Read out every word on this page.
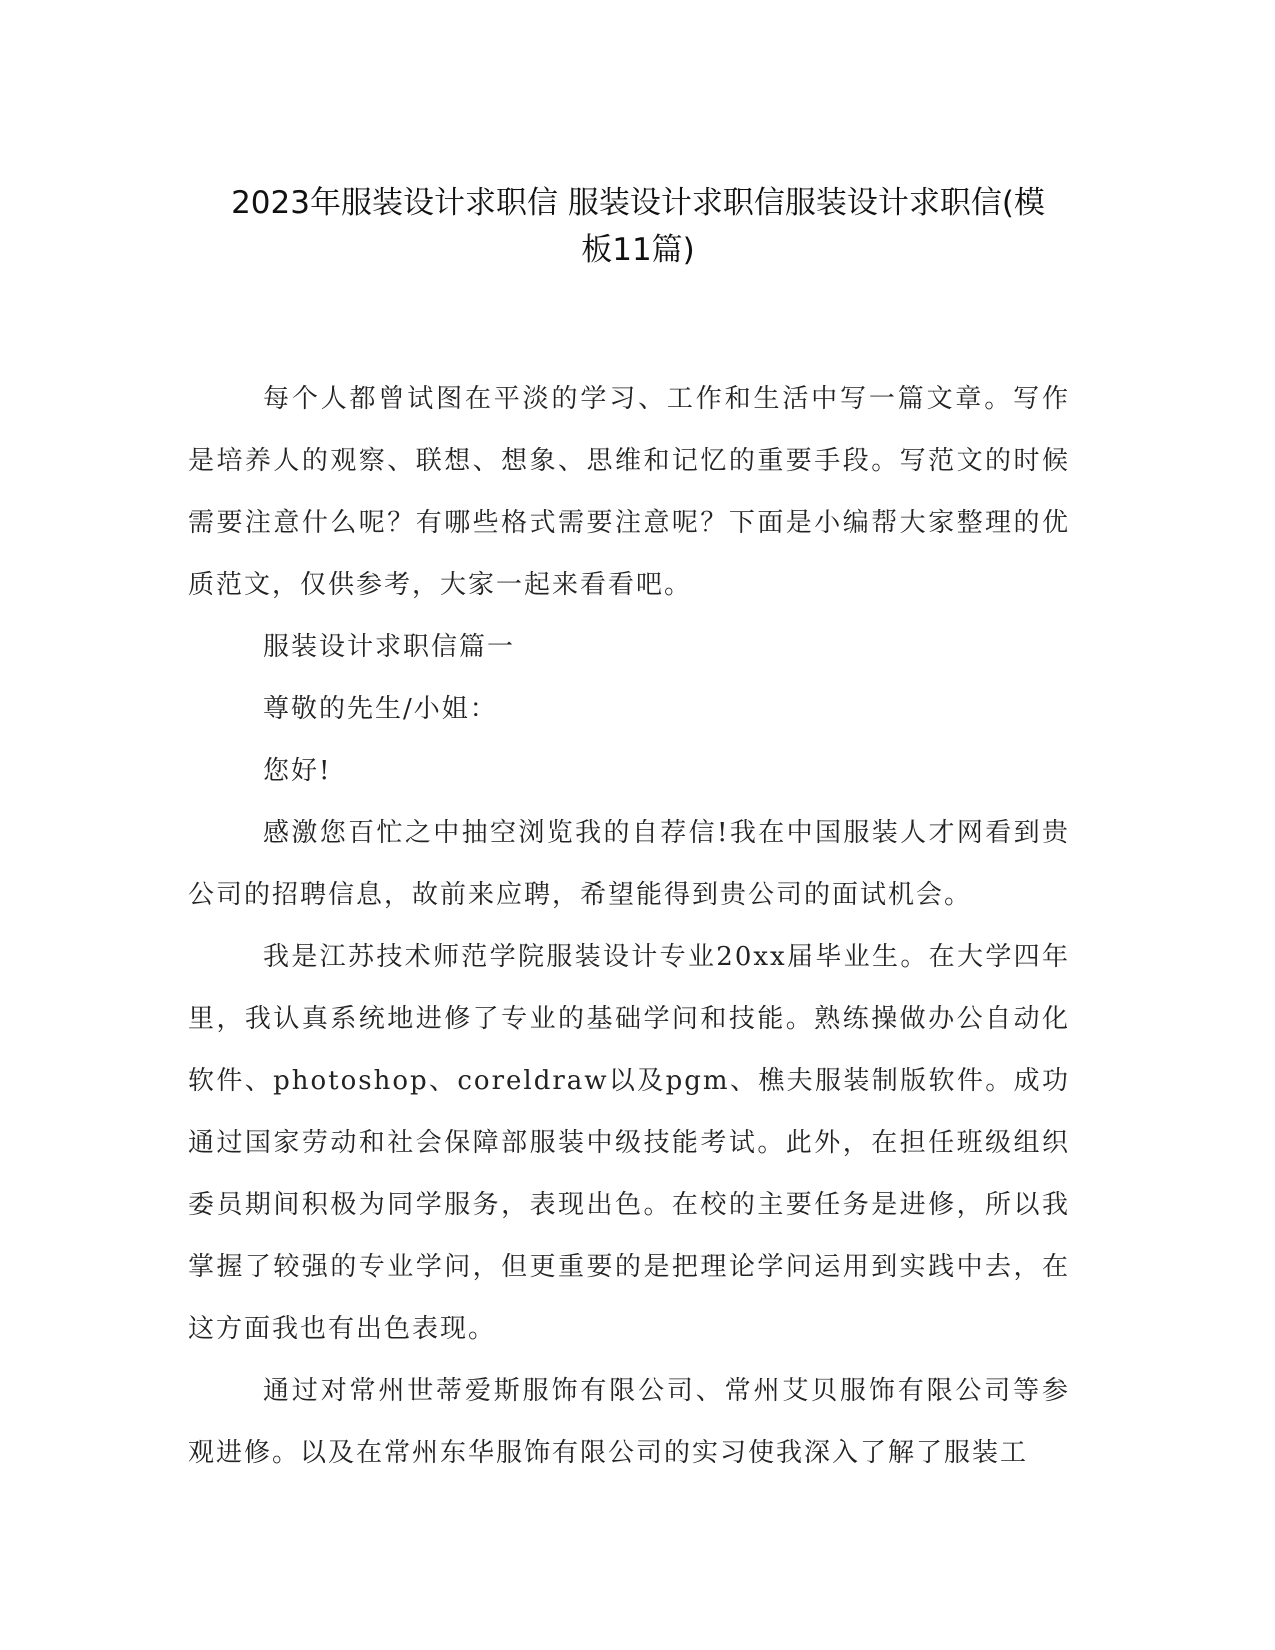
2023年服装设计求职信 服装设计求职信服装设计求职信(模
板11篇)

每个人都曾试图在平淡的学习、工作和生活中写一篇文章。写作是培养人的观察、联想、想象、思维和记忆的重要手段。写范文的时候需要注意什么呢？有哪些格式需要注意呢？下面是小编帮大家整理的优质范文，仅供参考，大家一起来看看吧。

服装设计求职信篇一

尊敬的先生/小姐：

您好!

感激您百忙之中抽空浏览我的自荐信!我在中国服装人才网看到贵公司的招聘信息，故前来应聘，希望能得到贵公司的面试机会。

我是江苏技术师范学院服装设计专业20xx届毕业生。在大学四年里，我认真系统地进修了专业的基础学问和技能。熟练操做办公自动化软件、photoshop、coreldraw以及pgm、樵夫服装制版软件。成功通过国家劳动和社会保障部服装中级技能考试。此外，在担任班级组织委员期间积极为同学服务，表现出色。在校的主要任务是进修，所以我掌握了较强的专业学问，但更重要的是把理论学问运用到实践中去，在这方面我也有出色表现。

通过对常州世蒂爱斯服饰有限公司、常州艾贝服饰有限公司等参观进修。以及在常州东华服饰有限公司的实习使我深入了解了服装工
